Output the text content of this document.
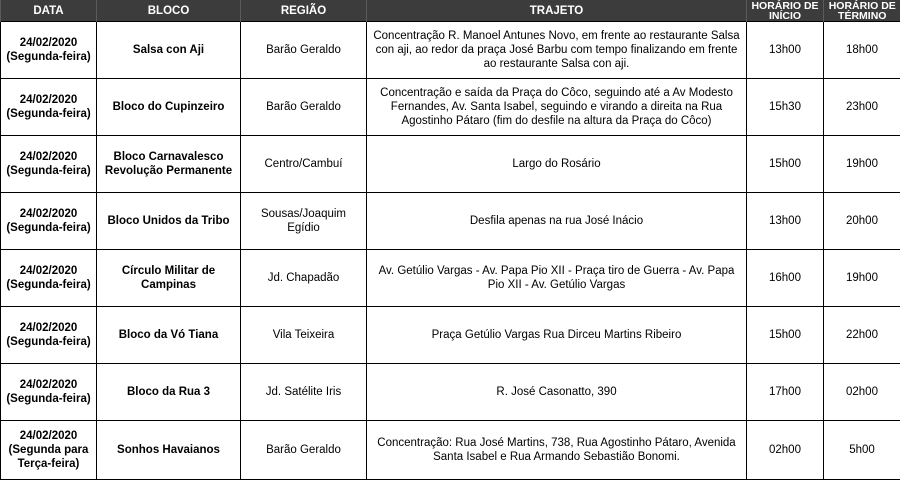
DATA	BLOCO	REGIÃO	TRAJETO	HORÁRIO DE INÍCIO	HORÁRIO DE TÉRMINO

24/02/2020
(Segunda-feira)	Salsa con Aji	Barão Geraldo	Concentração R. Manoel Antunes Novo, em frente ao restaurante Salsa con aji, ao redor da praça José Barbu com tempo finalizando em frente ao restaurante Salsa con aji.	13h00	18h00

24/02/2020
(Segunda-feira)	Bloco do Cupinzeiro	Barão Geraldo	Concentração e saída da Praça do Côco, seguindo até a Av Modesto Fernandes, Av. Santa Isabel, seguindo e virando a direita na Rua Agostinho Pátaro (fim do desfile na altura da Praça do Côco)	15h30	23h00

24/02/2020
(Segunda-feira)	Bloco Carnavalesco Revolução Permanente	Centro/Cambuí	Largo do Rosário	15h00	19h00

24/02/2020
(Segunda-feira)	Bloco Unidos da Tribo	Sousas/Joaquim Egídio	Desfila apenas na rua José Inácio	13h00	20h00

24/02/2020
(Segunda-feira)	Círculo Militar de Campinas	Jd. Chapadão	Av. Getúlio Vargas - Av. Papa Pio XII - Praça tiro de Guerra - Av. Papa Pio XII - Av. Getúlio Vargas	16h00	19h00

24/02/2020
(Segunda-feira)	Bloco da Vó Tiana	Vila Teixeira	Praça Getúlio Vargas Rua Dirceu Martins Ribeiro	15h00	22h00

24/02/2020
(Segunda-feira)	Bloco da Rua 3	Jd. Satélite Iris	R. José Casonatto, 390	17h00	02h00

24/02/2020
(Segunda para Terça-feira)	Sonhos Havaianos	Barão Geraldo	Concentração: Rua José Martins, 738, Rua Agostinho Pátaro, Avenida Santa Isabel e Rua Armando Sebastião Bonomi.	02h00	5h00
